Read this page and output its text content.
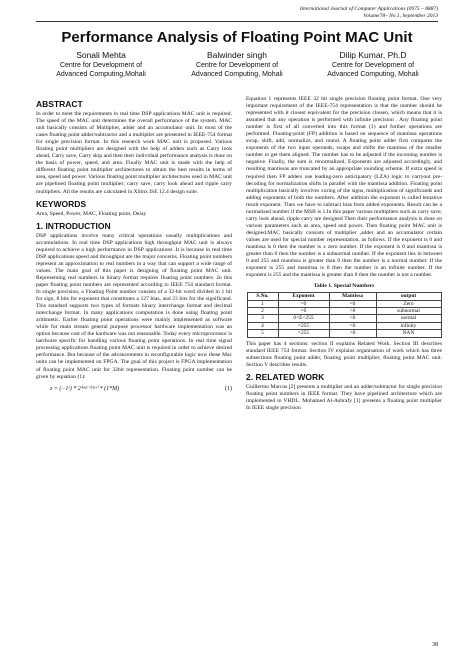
International Journal of Computer Applications (0975 – 8887)
Volume78– No.1, September 2013
Performance Analysis of Floating Point MAC Unit
Sonali Mehta
Centre for Development of
Advanced Computing,Mohali
Balwinder singh
Centre for Development of
Advanced Computing, Mohali
Dilip Kumar, Ph.D
Centre for Development of
Advanced Computing, Mohali
ABSTRACT

In order to meet the requirements in real time DSP applications MAC unit is required. The speed of the MAC unit determines the overall performance of the system. MAC unit basically consists of Multiplier, adder and an accumulator unit. In most of the cases floating point adder/subtractor and a multiplier are presented in IEEE-754 format for single precision format. In this research work MAC unit is proposed. Various floating point multipliers are designed with the help of adders such as Carry look ahead, Carry save, Carry skip and then their individual performance analysis is done on the basis of power, speed, and area. Finally MAC unit is made with the help of different floating point multiplier architectures to obtain the best results in terms of area, speed and power. Various floating point multiplier architectures used in MAC unit are pipelined floating point multiplier; carry save, carry look ahead and ripple carry multipliers. All the results are calculated in Xilinx ISE 12.4 design suite.

KEYWORDS

Area, Speed, Power, MAC, Floating point, Delay

1. INTRODUCTION

DSP applications involve many critical operations usually multiplications and accumulations. In real time DSP applications high throughput MAC unit is always required to achieve a high performance in DSP applications .It is because in real time DSP applications speed and throughput are the major concerns. Floating point numbers represent an approximation to real numbers in a way that can support a wide range of values. The main goal of this paper is designing of floating point MAC unit. Representing real numbers in binary format requires floating point numbers .In this paper floating point numbers are represented according to IEEE 754 standard format. In single precision, a Floating Point number consists of a 32-bit word divided in 1 bit for sign, 8 bits for exponent that constitutes a 127 bias, and 23 bits for the significand. This standard supports two types of formats binary interchange format and decimal interchange format. In many applications computation is done using floating point arithmetic. Earlier floating point operations were mainly implemented as software while for main stream general purpose processor hardware implementation was an option because cost of the hardware was not reasonable. Today every microprocessor is hardware specific for handling various floating point operations. In real time signal processing applications floating point MAC unit is required in order to achieve desired performance. But because of the advancements in reconfigurable logic now these Mac units can be implemented on FPGA. The goal of this project is FPGA implementation of floating point MAC unit for 32bit representation. Floating point number can be given by equation (1):

z = (−1ˢ) * 2⁽ᵉˣᵖ⁻ᵇⁱᵃˢ⁾ * (1*M)	(1)

Equation 1 represents IEEE 32 bit single precision floating point format. One very important requirement of the IEEE-754 representation is that the number should be represented with it closest equivalent for the precision chosen, which means that it is assumed that any operation is performed with infinite precision . Any floating point number is first of all converted into this format (1) and further operations are performed. Floating-point (FP) addition is based on sequence of mantissa operations swap, shift, add, normalize, and round. A floating point adder first compares the exponents of the two input operands, swaps and shifts the mantissa of the smaller number to get them aligned. The number has to be adjusted if the incoming number is negative. Finally, the sum is renormalized, Exponents are adjusted accordingly, and resulting mantissas are truncated by an appropriate rounding scheme. If extra speed is required then FP adders use leading-zero anticipatory (LZA) logic to carryout pre-decoding for normalization shifts in parallel with the mantissa addition. Floating point multiplication basically involves xoring of the signs, multiplication of significands and adding exponents of both the numbers. After addition the exponent is called tentative result exponent. Then we have to subtract bias from added exponents. Result can be a normalised number if the MSB is 1.In this paper various multipliers such as carry save, carry look ahead, ripple carry are designed Then their performance analysis is done on various parameters such as area, speed and power. Then floating point MAC unit is designed.MAC basically consists of multiplier ,adder and an accumulator certain values are used for special number representation, as follows. If the exponent is 0 and mantissa is 0 then the number is ± zero number. If the exponent is 0 and mantissa is greater than 0 then the number is a subnormal number. If the exponent lies in between 0 and 255 and mantissa is greater than 0 then the number is a normal number. If the exponent is 255 and mantissa is 0 then the number is an infinite number. If the exponent is 255 and the mantissa is greater than 0 then the number is not a number.

Table 1. Special Numbers
S.No.	Exponent	Mantissa	output
1	=0	=0	Zero
2	=0	>0	subnormal
3	0<E<255	>0	normal
4	=255	=0	infinity
5	=255	>0	NAN

This paper has 4 sections: section II explains Related Work. Section III describes standard IEEE 754 format. Section IV explains organisation of work which has three subsections floating point adder, floating point multiplier, floating point MAC unit. Section V describes results.

2. RELATED WORK

Guillermo Marcus [2] presents a multiplier and an adder/subtractor for single precision floating point numbers in IEEE format. They have pipelined architecture which are implemented in VHDL. Mohamed Al-Ashrafy [1] presents a floating point multiplier In IEEE single precision

38
